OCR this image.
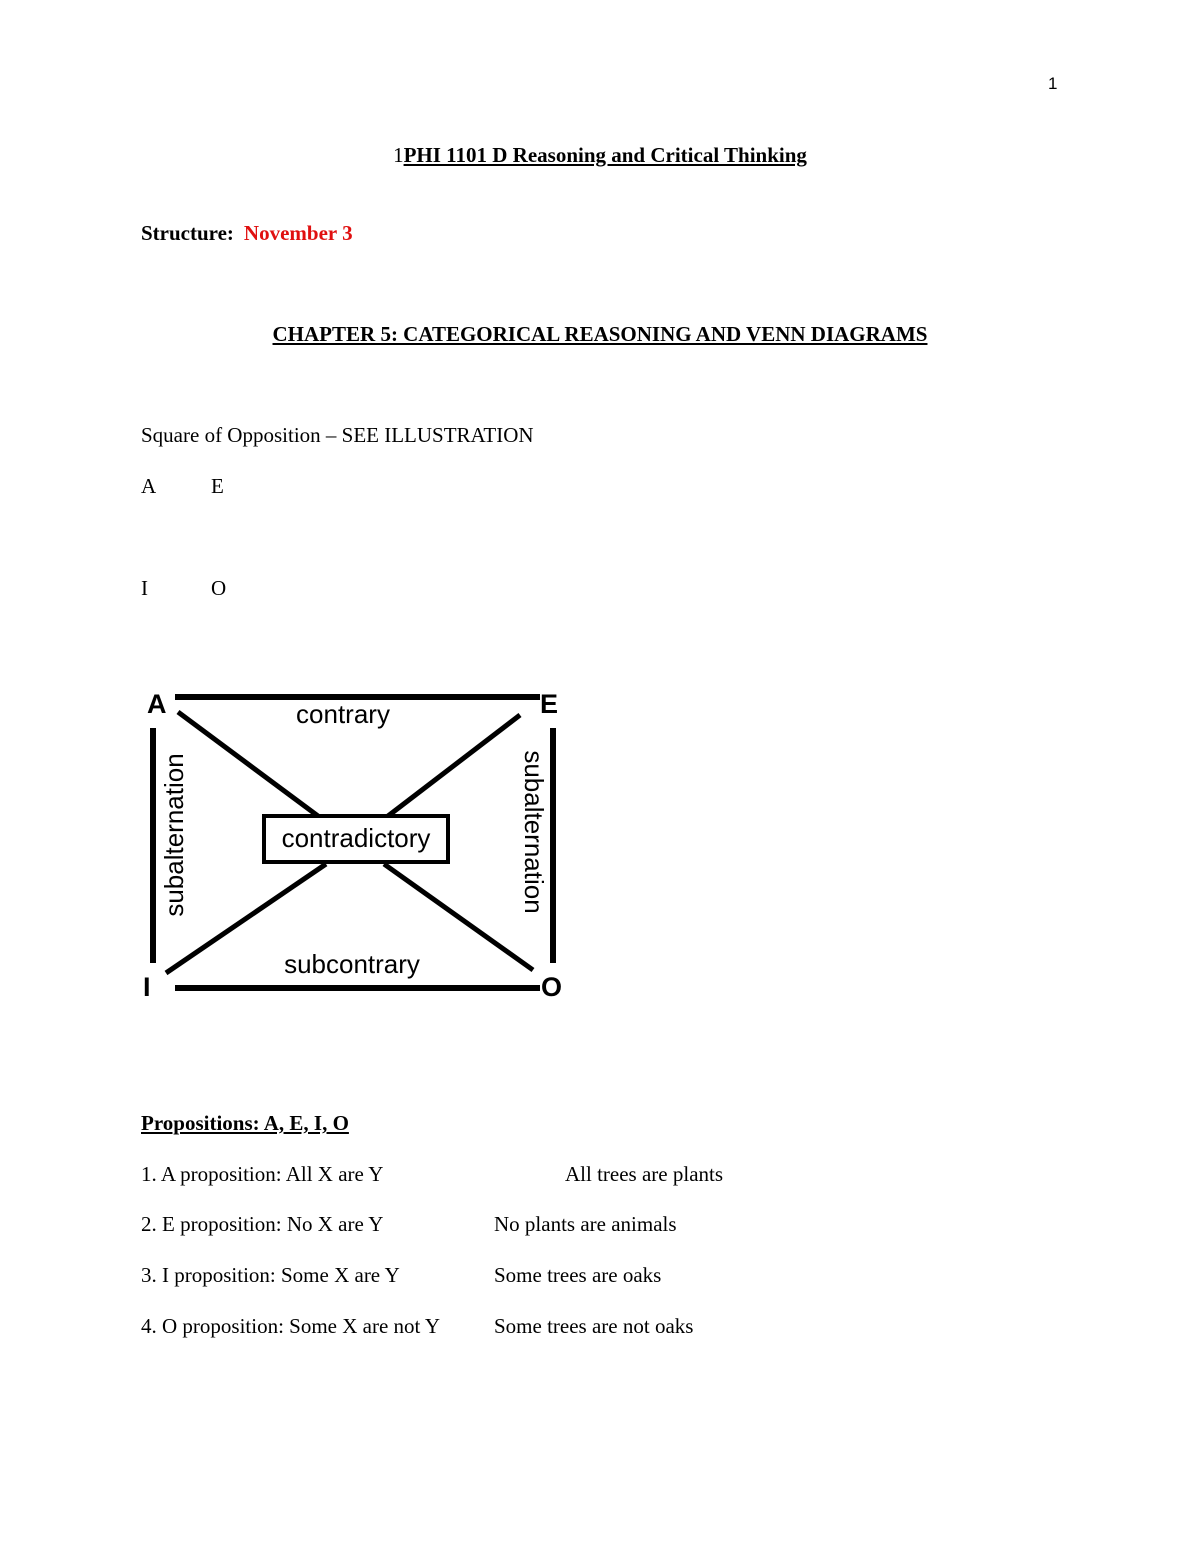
1
1PHI 1101 D Reasoning and Critical Thinking
Structure: November 3
CHAPTER 5: CATEGORICAL REASONING AND VENN DIAGRAMS
Square of Opposition – SEE ILLUSTRATION
A	E
I	O
contradictory
contrary
subcontrary
subalternation	subalternation
A	E
I	O
Propositions: A, E, I, O
1. A proposition: All X are Y	All trees are plants
2. E proposition: No X are Y	No plants are animals
3. I proposition: Some X are Y	Some trees are oaks
4. O proposition: Some X are not Y	Some trees are not oaks
